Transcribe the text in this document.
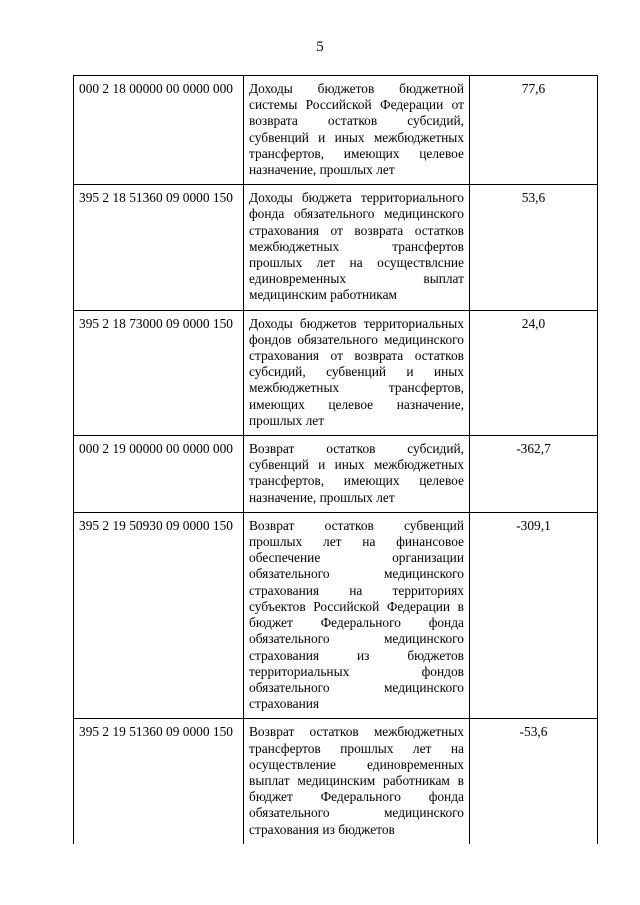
5
000 2 18 00000 00 0000 000	Доходы бюджетов бюджетной системы Российской Федерации от возврата остатков субсидий, субвенций и иных межбюджетных трансфертов, имеющих целевое назначение, прошлых лет	77,6
395 2 18 51360 09 0000 150	Доходы бюджета территориального фонда обязательного медицинского страхования от возврата остатков межбюджетных трансфертов прошлых лет на осуществлсние единовременных выплат медицинским работникам	53,6
395 2 18 73000 09 0000 150	Доходы бюджетов территориальных фондов обязательного медицинского страхования от возврата остатков субсидий, субвенций и иных межбюджетных трансфертов, имеющих целевое назначение, прошлых лет	24,0
000 2 19 00000 00 0000 000	Возврат остатков субсидий, субвенций и иных межбюджетных трансфертов, имеющих целевое назначение, прошлых лет	-362,7
395 2 19 50930 09 0000 150	Возврат остатков субвенций прошлых лет на финансовое обеспечение организации обязательного медицинского страхования на территориях субъектов Российской Федерации в бюджет Федерального фонда обязательного медицинского страхования из бюджетов территориальных фондов обязательного медицинского страхования	-309,1
395 2 19 51360 09 0000 150	Возврат остатков межбюджетных трансфертов прошлых лет на осуществление единовременных выплат медицинским работникам в бюджет Федерального фонда обязательного медицинского страхования из бюджетов	-53,6
